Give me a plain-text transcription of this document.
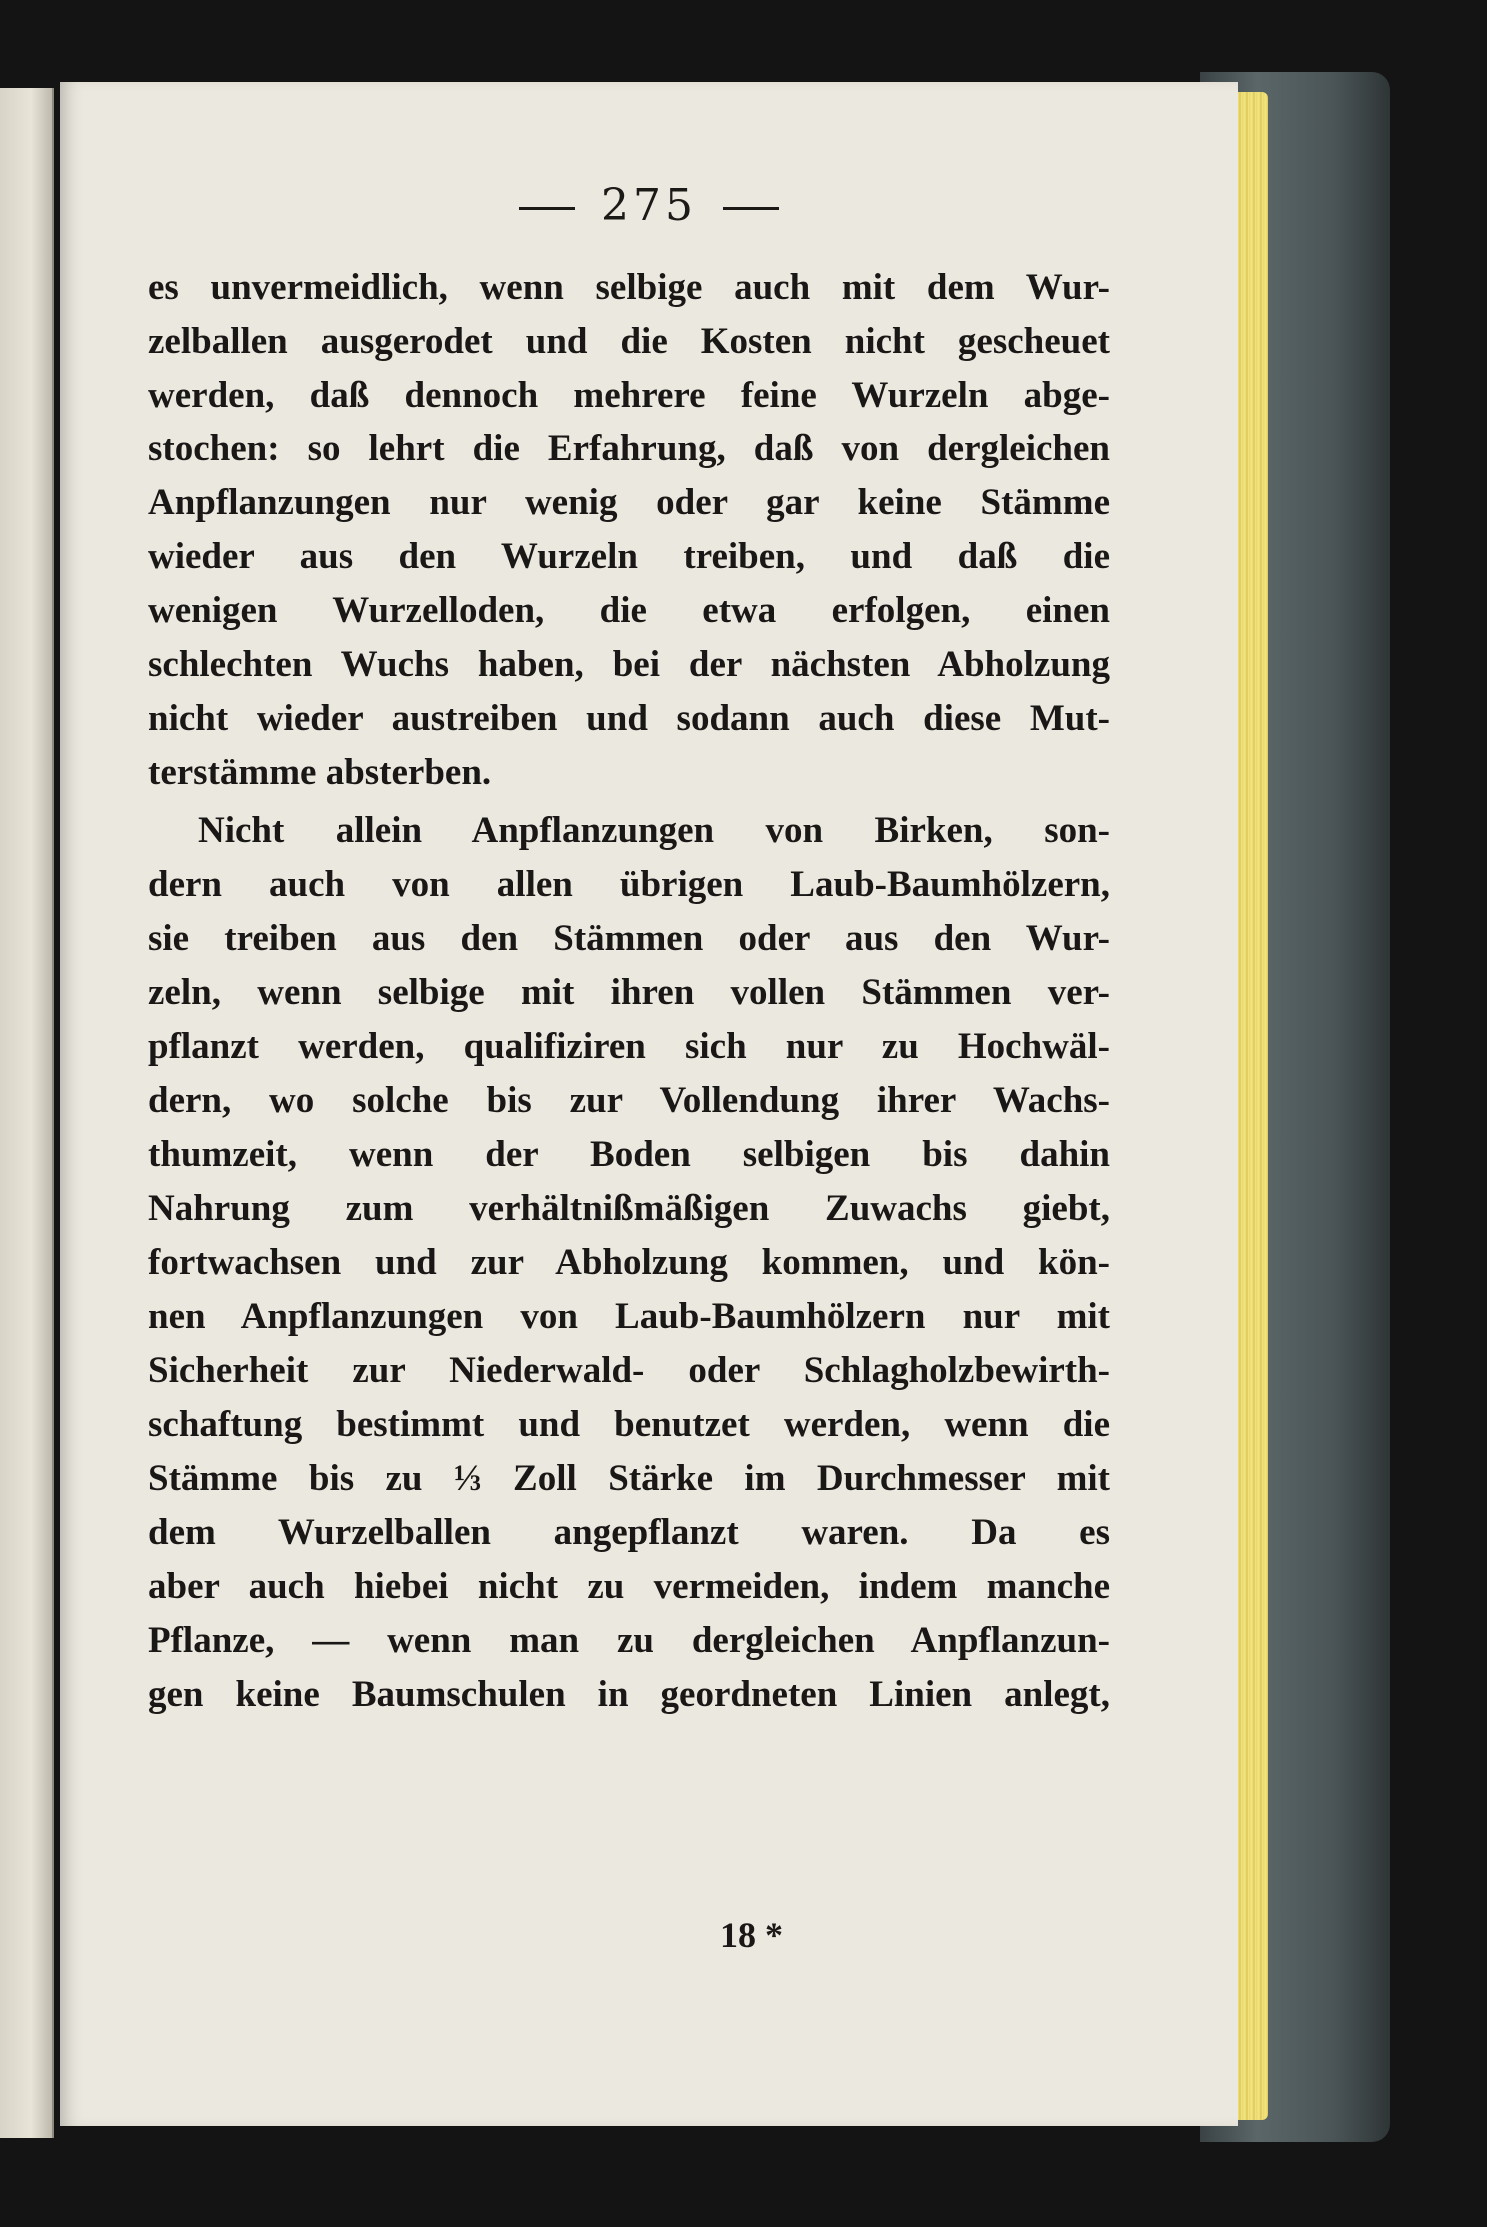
275
es unvermeidlich, wenn selbige auch mit dem Wur-
zelballen ausgerodet und die Kosten nicht gescheuet
werden, daß dennoch mehrere feine Wurzeln abge-
stochen: so lehrt die Erfahrung, daß von dergleichen
Anpflanzungen nur wenig oder gar keine Stämme
wieder aus den Wurzeln treiben, und daß die
wenigen Wurzelloden, die etwa erfolgen, einen
schlechten Wuchs haben, bei der nächsten Abholzung
nicht wieder austreiben und sodann auch diese Mut-
terstämme absterben.
Nicht allein Anpflanzungen von Birken, son-
dern auch von allen übrigen Laub-Baumhölzern,
sie treiben aus den Stämmen oder aus den Wur-
zeln, wenn selbige mit ihren vollen Stämmen ver-
pflanzt werden, qualifiziren sich nur zu Hochwäl-
dern, wo solche bis zur Vollendung ihrer Wachs-
thumzeit, wenn der Boden selbigen bis dahin
Nahrung zum verhältnißmäßigen Zuwachs giebt,
fortwachsen und zur Abholzung kommen, und kön-
nen Anpflanzungen von Laub-Baumhölzern nur mit
Sicherheit zur Niederwald- oder Schlagholzbewirth-
schaftung bestimmt und benutzet werden, wenn die
Stämme bis zu ⅓ Zoll Stärke im Durchmesser mit
dem Wurzelballen angepflanzt waren. Da es
aber auch hiebei nicht zu vermeiden, indem manche
Pflanze, — wenn man zu dergleichen Anpflanzun-
gen keine Baumschulen in geordneten Linien anlegt,
18 *
